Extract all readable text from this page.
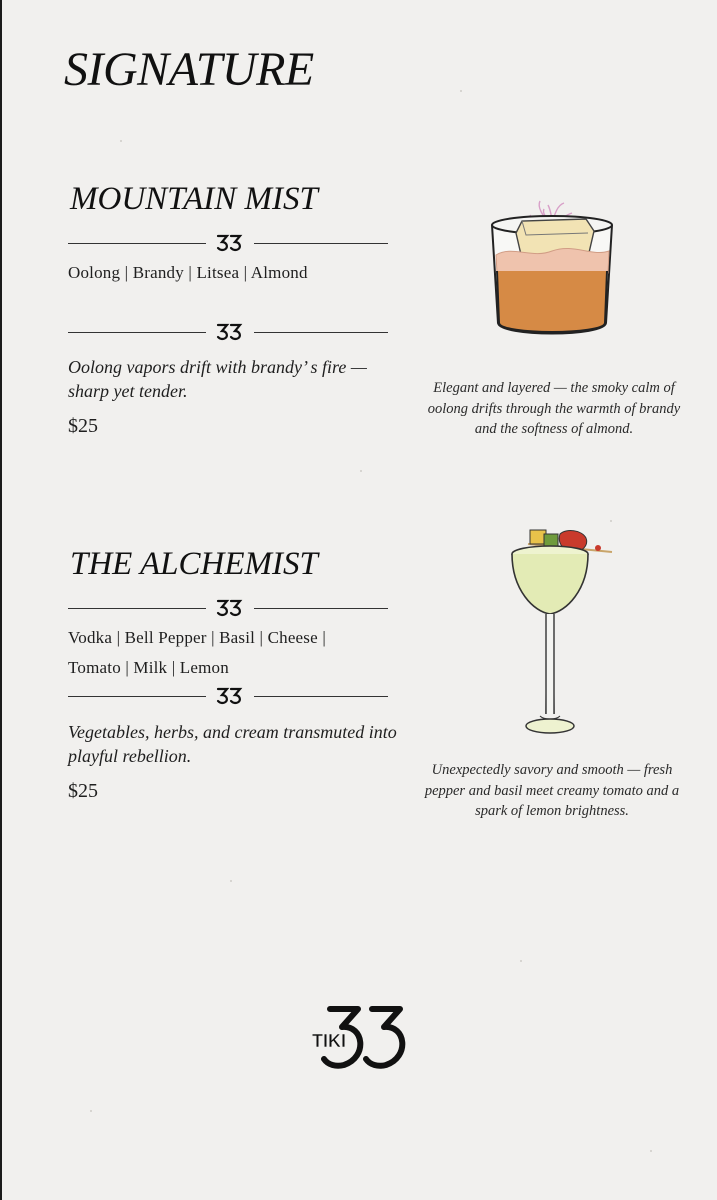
SIGNATURE
MOUNTAIN MIST

Oolong | Brandy | Litsea | Almond

Oolong vapors drift with brandy’ s fire — sharp yet tender.

$25

Elegant and layered — the smoky calm of oolong drifts through the warmth of brandy and the softness of almond.

THE ALCHEMIST

Vodka | Bell Pepper | Basil | Cheese |

Tomato | Milk | Lemon

Vegetables, herbs, and cream transmuted into playful rebellion.

$25

Unexpectedly savory and smooth — fresh pepper and basil meet creamy tomato and a spark of lemon brightness.

TIKI
